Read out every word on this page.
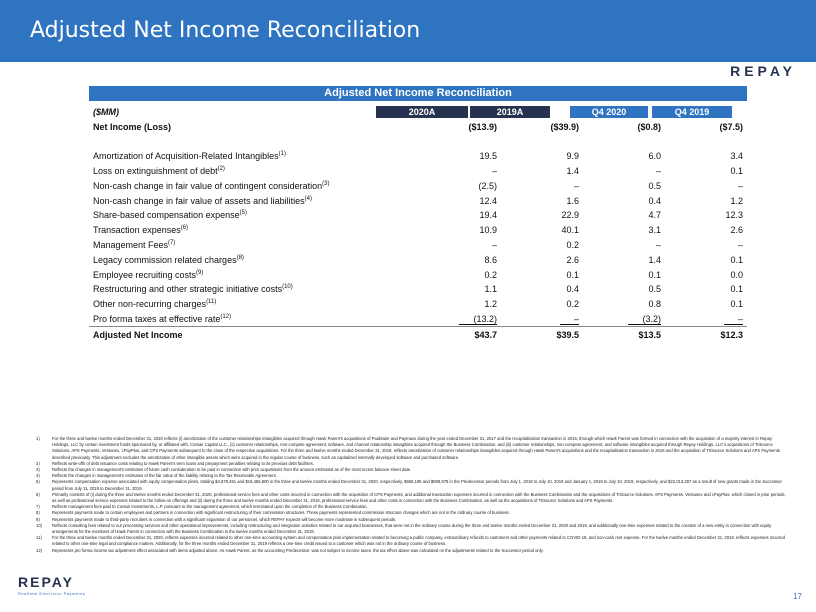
Adjusted Net Income Reconciliation
REPAY
Adjusted Net Income Reconciliation
($MM)	2020A	2019A	Q4 2020	Q4 2019
Net Income (Loss)	($13.9)	($39.9)	($0.8)	($7.5)

Amortization of Acquisition-Related Intangibles$^{(1)}$	19.5	9.9	6.0	3.4
Loss on extinguishment of debt$^{(2)}$	–	1.4	–	0.1
Non-cash change in fair value of contingent consideration$^{(3)}$	(2.5)	–	0.5	–
Non-cash change in fair value of assets and liabilities$^{(4)}$	12.4	1.6	0.4	1.2
Share-based compensation expense$^{(5)}$	19.4	22.9	4.7	12.3
Transaction expenses$^{(6)}$	10.9	40.1	3.1	2.6
Management Fees$^{(7)}$	–	0.2	–	–
Legacy commission related charges$^{(8)}$	8.6	2.6	1.4	0.1
Employee recruiting costs$^{(9)}$	0.2	0.1	0.1	0.0
Restructuring and other strategic initiative costs$^{(10)}$	1.1	0.4	0.5	0.1
Other non-recurring charges$^{(11)}$	1.2	0.2	0.8	0.1
Pro forma taxes at effective rate$^{(12)}$	(13.2)	–	(3.2)	–
Adjusted Net Income	$43.7	$39.5	$13.5	$12.3
1)	For the three and twelve months ended December 31, 2020 reflects (i) amortization of the customer relationships intangibles acquired through Hawk Parent's acquisitions of PaidSuite and Paymaxx during the year ended December 31, 2017 and the recapitalization transaction in 2016, through which Hawk Parent was formed in connection with the acquisition of a majority interest in Repay Holdings, LLC by certain investment funds sponsored by, or affiliated with, Corsair Capital LLC., (ii) customer relationships, non-compete agreement, software, and channel relationship intangibles acquired through the Business Combination, and (iii) customer relationships, non-compete agreement, and software intangibles acquired through Repay Holdings, LLC's acquisitions of TriSource Solutions, APS Payments, Ventanex, cPayPlus, and CPS Payments subsequent to the close of the respective acquisitions. For the three and twelve months ended December 31, 2019, reflects amortization of customer relationships intangibles acquired through Hawk Parent's acquisitions and the recapitalization transaction in 2016 and the acquisition of TriSource Solutions and APS Payments described previously. This adjustment excludes the amortization of other intangible assets which were acquired in the regular course of business, such as capitalized internally developed software and purchased software.
2)	Reflects write-offs of debt issuance costs relating to Hawk Parent's term loans and prepayment penalties relating to its previous debt facilities.
3)	Reflects the changes in management's estimates of future cash consideration to be paid in connection with prior acquisitions from the amount estimated as of the most recent balance sheet date.
4)	Reflects the changes in management's estimates of the fair value of the liability relating to the Tax Receivable Agreement.
5)	Represents compensation expense associated with equity compensation plans, totaling $4,679,451 and $19,455,800 in the three and twelve months ended December 31, 2020, respectively, $658,195 and $908,978 in the Predecessor periods from July 1, 2019 to July 10, 2019 and January 1, 2019 to July 10, 2019, respectively, and $22,013,287 as a result of new grants made in the Successor period from July 11, 2019 to December 31, 2019.
6)	Primarily consists of (i) during the three and twelve months ended December 31, 2020, professional service fees and other costs incurred in connection with the acquisition of CPS Payments, and additional transaction expenses incurred in connection with the Business Combination and the acquisitions of TriSource Solutions, APS Payments, Ventanex and cPayPlus, which closed in prior periods, as well as professional service expenses related to the follow-on offerings and (ii) during the three and twelve months ended December 31, 2019, professional service fees and other costs in connection with the Business Combination, as well as the acquisitions of TriSource Solutions and APS Payments.
7)	Reflects management fees paid to Corsair Investments, L.P. pursuant to the management agreement, which terminated upon the completion of the Business Combination.
8)	Represents payments made to certain employees and partners in connection with significant restructuring of their commission structures. These payments represented commission structure changes which are not in the ordinary course of business.
9)	Represents payments made to third-party recruiters in connection with a significant expansion of our personnel, which REPAY expects will become more moderate in subsequent periods.
10)	Reflects consulting fees related to our processing services and other operational improvements, including restructuring and integration activities related to our acquired businesses, that were not in the ordinary course during the three and twelve months ended December 31, 2020 and 2019, and additionally one-time expenses related to the creation of a new entity in connection with equity arrangements for the members of Hawk Parent in connection with the Business Combination in the twelve months ended December 31, 2019.
11)	For the three and twelve months ended December 31, 2020, reflects expenses incurred related to other one-time accounting system and compensation plan implementation related to becoming a public company, extraordinary refunds to customers and other payments related to COVID-19, and non-cash rent expense. For the twelve months ended December 31, 2019, reflects expenses incurred related to other one-time legal and compliance matters. Additionally, for the three months ended December 31, 2019 reflects a one-time credit issued to a customer which was not in the ordinary course of business.
12)	Represents pro forma income tax adjustment effect associated with items adjusted above. As Hawk Parent, as the accounting Predecessor, was not subject to income taxes, the tax effect above was calculated on the adjustments related to the Successor period only.
REPAY
Realtime Electronic Payments	17
